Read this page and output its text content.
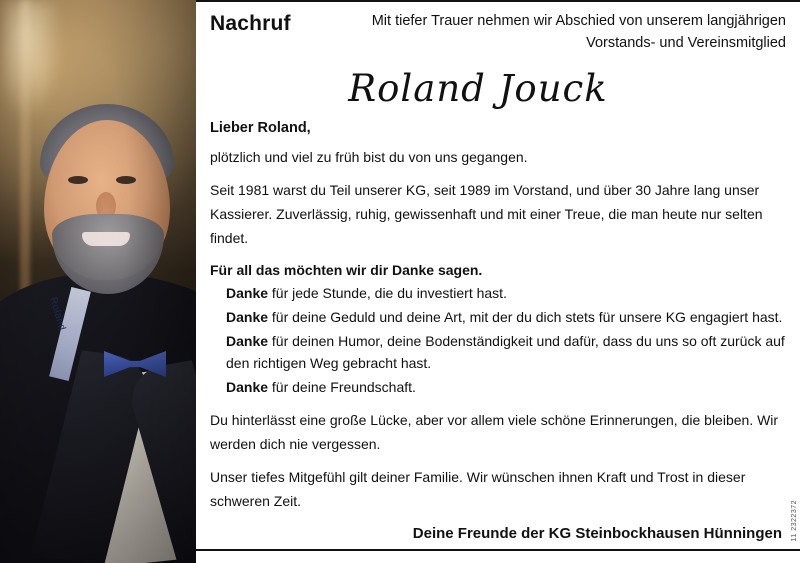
Nachruf	Mit tiefer Trauer nehmen wir Abschied von unserem langjährigen Vorstands- und Vereinsmitglied
Roland Jouck
Lieber Roland,

plötzlich und viel zu früh bist du von uns gegangen.

Seit 1981 warst du Teil unserer KG, seit 1989 im Vorstand, und über 30 Jahre lang unser Kassierer. Zuverlässig, ruhig, gewissenhaft und mit einer Treue, die man heute nur selten findet.

Für all das möchten wir dir Danke sagen.
Danke für jede Stunde, die du investiert hast.
Danke für deine Geduld und deine Art, mit der du dich stets für unsere KG engagiert hast.
Danke für deinen Humor, deine Bodenständigkeit und dafür, dass du uns so oft zurück auf den richtigen Weg gebracht hast.
Danke für deine Freundschaft.

Du hinterlässt eine große Lücke, aber vor allem viele schöne Erinnerungen, die bleiben. Wir werden dich nie vergessen.

Unser tiefes Mitgefühl gilt deiner Familie. Wir wünschen ihnen Kraft und Trost in dieser schweren Zeit.

Deine Freunde der KG Steinbockhausen Hünningen	11 2322372
